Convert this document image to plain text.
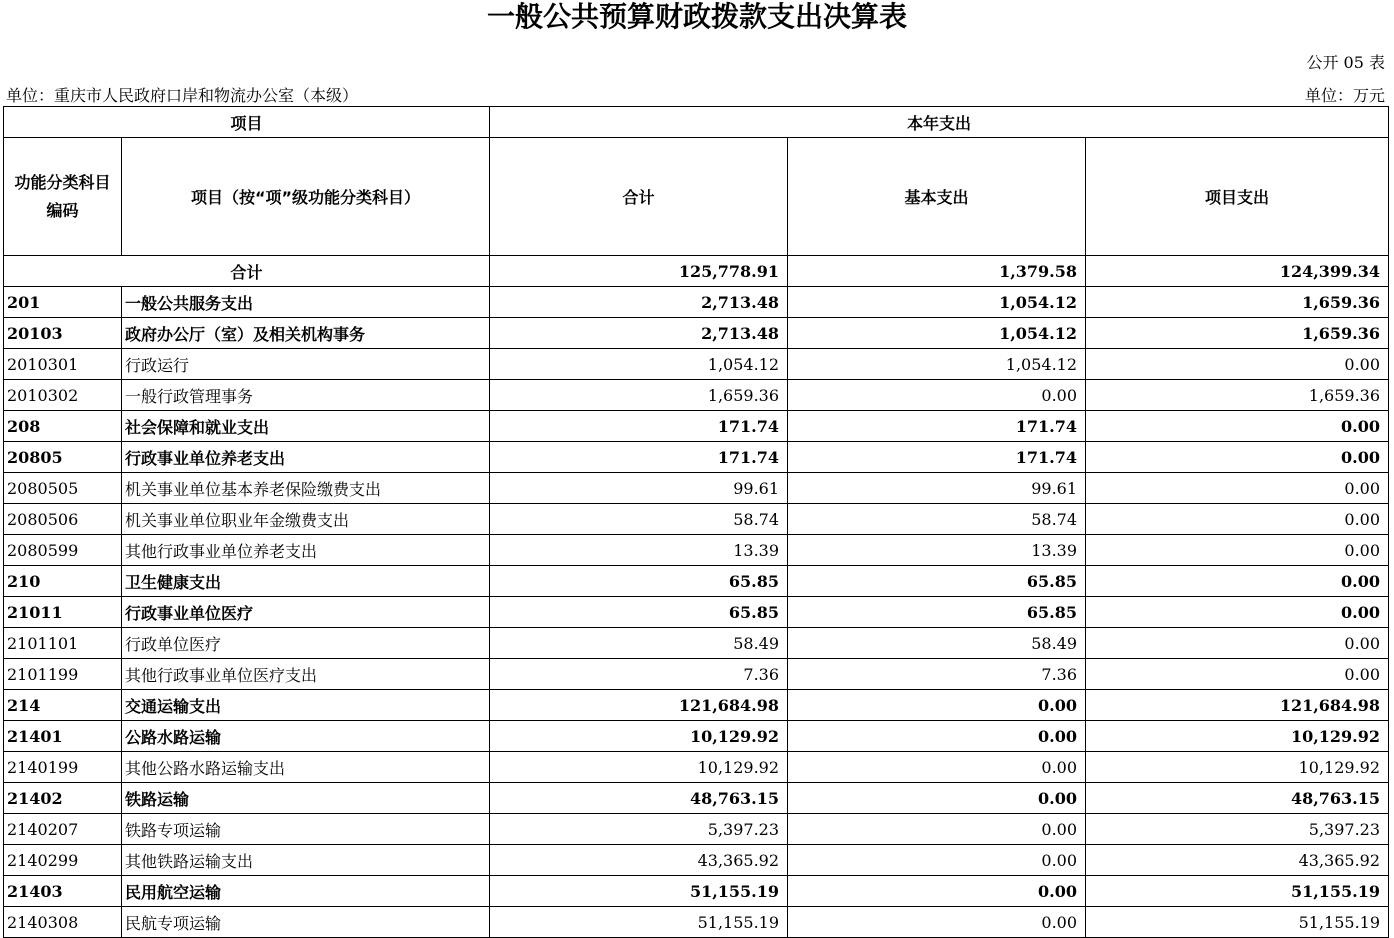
一般公共预算财政拨款支出决算表
公开 05 表
单位：重庆市人民政府口岸和物流办公室（本级）	单位：万元
项目		本年支出		
功能分类科目编码	项目（按“项”级功能分类科目）	合计	基本支出	项目支出
合计		125,778.91	1,379.58	124,399.34
201	一般公共服务支出	2,713.48	1,054.12	1,659.36
20103	政府办公厅（室）及相关机构事务	2,713.48	1,054.12	1,659.36
2010301	行政运行	1,054.12	1,054.12	0.00
2010302	一般行政管理事务	1,659.36	0.00	1,659.36
208	社会保障和就业支出	171.74	171.74	0.00
20805	行政事业单位养老支出	171.74	171.74	0.00
2080505	机关事业单位基本养老保险缴费支出	99.61	99.61	0.00
2080506	机关事业单位职业年金缴费支出	58.74	58.74	0.00
2080599	其他行政事业单位养老支出	13.39	13.39	0.00
210	卫生健康支出	65.85	65.85	0.00
21011	行政事业单位医疗	65.85	65.85	0.00
2101101	行政单位医疗	58.49	58.49	0.00
2101199	其他行政事业单位医疗支出	7.36	7.36	0.00
214	交通运输支出	121,684.98	0.00	121,684.98
21401	公路水路运输	10,129.92	0.00	10,129.92
2140199	其他公路水路运输支出	10,129.92	0.00	10,129.92
21402	铁路运输	48,763.15	0.00	48,763.15
2140207	铁路专项运输	5,397.23	0.00	5,397.23
2140299	其他铁路运输支出	43,365.92	0.00	43,365.92
21403	民用航空运输	51,155.19	0.00	51,155.19
2140308	民航专项运输	51,155.19	0.00	51,155.19
